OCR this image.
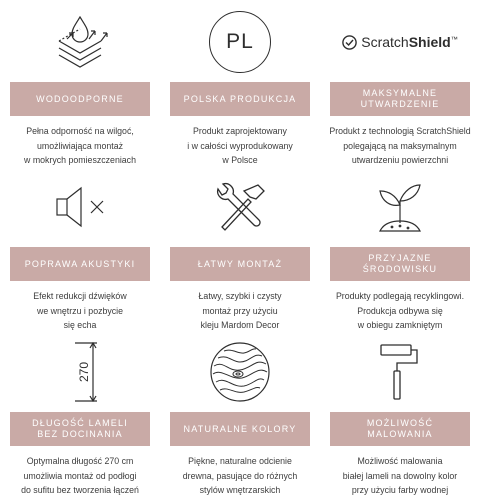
WODOODPORNE
Pełna odporność na wilgoć,
umożliwiająca montaż
w mokrych pomieszczeniach
PL
POLSKA PRODUKCJA
Produkt zaprojektowany
i w całości wyprodukowany
w Polsce
ScratchShield™
MAKSYMALNE
UTWARDZENIE
Produkt z technologią ScratchShield
polegającą na maksymalnym
utwardzeniu powierzchni
POPRAWA AKUSTYKI
Efekt redukcji dźwięków
we wnętrzu i pozbycie
się echa
ŁATWY MONTAŻ
Łatwy, szybki i czysty
montaż przy użyciu
kleju Mardom Decor
PRZYJAZNE
ŚRODOWISKU
Produkty podlegają recyklingowi.
Produkcja odbywa się
w obiegu zamkniętym
270
DŁUGOŚĆ LAMELI
BEZ DOCINANIA
Optymalna długość 270 cm
umożliwia montaż od podłogi
do sufitu bez tworzenia łączeń
NATURALNE KOLORY
Piękne, naturalne odcienie
drewna, pasujące do różnych
stylów wnętrzarskich
MOŻLIWOŚĆ
MALOWANIA
Możliwość malowania
białej lameli na dowolny kolor
przy użyciu farby wodnej
